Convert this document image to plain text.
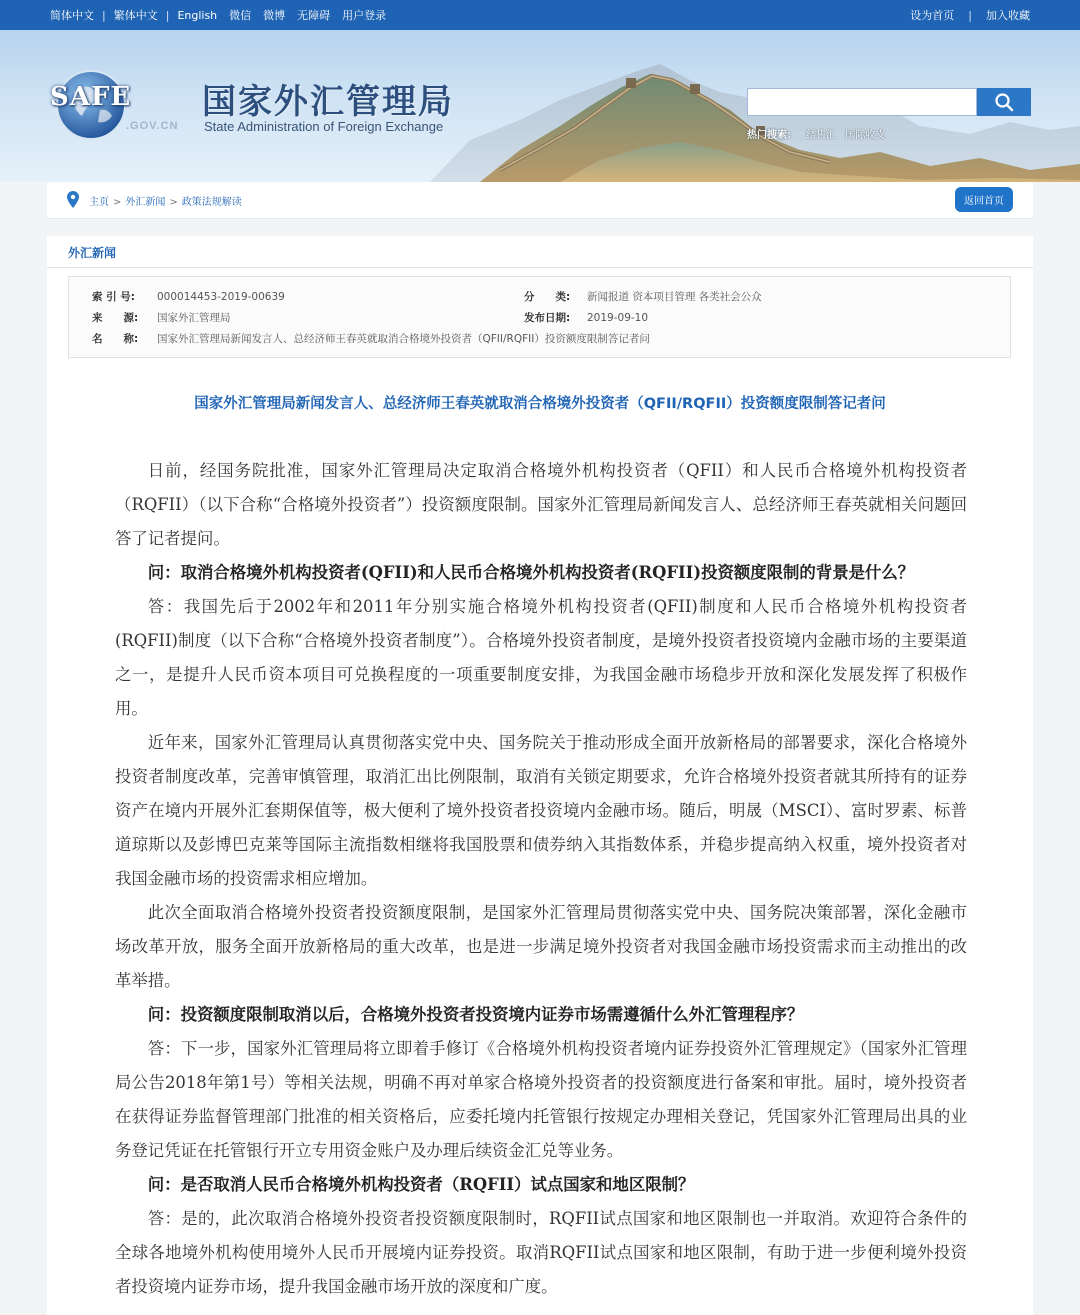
简体中文 | 繁体中文 | English 微信 微博 无障碍 用户登录	设为首页 | 加入收藏
SAFE
.GOV.CN
国家外汇管理局
State Administration of Foreign Exchange
热门搜索： 结售汇 国际收支
主页 > 外汇新闻 > 政策法规解读	返回首页
外汇新闻
索 引 号: 000014453-2019-00639	分　　类: 新闻报道 资本项目管理 各类社会公众
来　　源: 国家外汇管理局	发布日期: 2019-09-10
名　　称: 国家外汇管理局新闻发言人、总经济师王春英就取消合格境外投资者（QFII/RQFII）投资额度限制答记者问
国家外汇管理局新闻发言人、总经济师王春英就取消合格境外投资者（QFII/RQFII）投资额度限制答记者问

日前，经国务院批准，国家外汇管理局决定取消合格境外机构投资者（QFII）和人民币合格境外机构投资者（RQFII）（以下合称“合格境外投资者”）投资额度限制。国家外汇管理局新闻发言人、总经济师王春英就相关问题回答了记者提问。

问：取消合格境外机构投资者(QFII)和人民币合格境外机构投资者(RQFII)投资额度限制的背景是什么？

答：我国先后于2002年和2011年分别实施合格境外机构投资者(QFII)制度和人民币合格境外机构投资者(RQFII)制度（以下合称“合格境外投资者制度”）。合格境外投资者制度，是境外投资者投资境内金融市场的主要渠道之一，是提升人民币资本项目可兑换程度的一项重要制度安排，为我国金融市场稳步开放和深化发展发挥了积极作用。

近年来，国家外汇管理局认真贯彻落实党中央、国务院关于推动形成全面开放新格局的部署要求，深化合格境外投资者制度改革，完善审慎管理，取消汇出比例限制，取消有关锁定期要求，允许合格境外投资者就其所持有的证券资产在境内开展外汇套期保值等，极大便利了境外投资者投资境内金融市场。随后，明晟（MSCI）、富时罗素、标普道琼斯以及彭博巴克莱等国际主流指数相继将我国股票和债券纳入其指数体系，并稳步提高纳入权重，境外投资者对我国金融市场的投资需求相应增加。

此次全面取消合格境外投资者投资额度限制，是国家外汇管理局贯彻落实党中央、国务院决策部署，深化金融市场改革开放，服务全面开放新格局的重大改革，也是进一步满足境外投资者对我国金融市场投资需求而主动推出的改革举措。

问：投资额度限制取消以后，合格境外投资者投资境内证券市场需遵循什么外汇管理程序？

答：下一步，国家外汇管理局将立即着手修订《合格境外机构投资者境内证券投资外汇管理规定》（国家外汇管理局公告2018年第1号）等相关法规，明确不再对单家合格境外投资者的投资额度进行备案和审批。届时，境外投资者在获得证券监督管理部门批准的相关资格后，应委托境内托管银行按规定办理相关登记，凭国家外汇管理局出具的业务登记凭证在托管银行开立专用资金账户及办理后续资金汇兑等业务。

问：是否取消人民币合格境外机构投资者（RQFII）试点国家和地区限制？

答：是的，此次取消合格境外投资者投资额度限制时，RQFII试点国家和地区限制也一并取消。欢迎符合条件的全球各地境外机构使用境外人民币开展境内证券投资。取消RQFII试点国家和地区限制，有助于进一步便利境外投资者投资境内证券市场，提升我国金融市场开放的深度和广度。
